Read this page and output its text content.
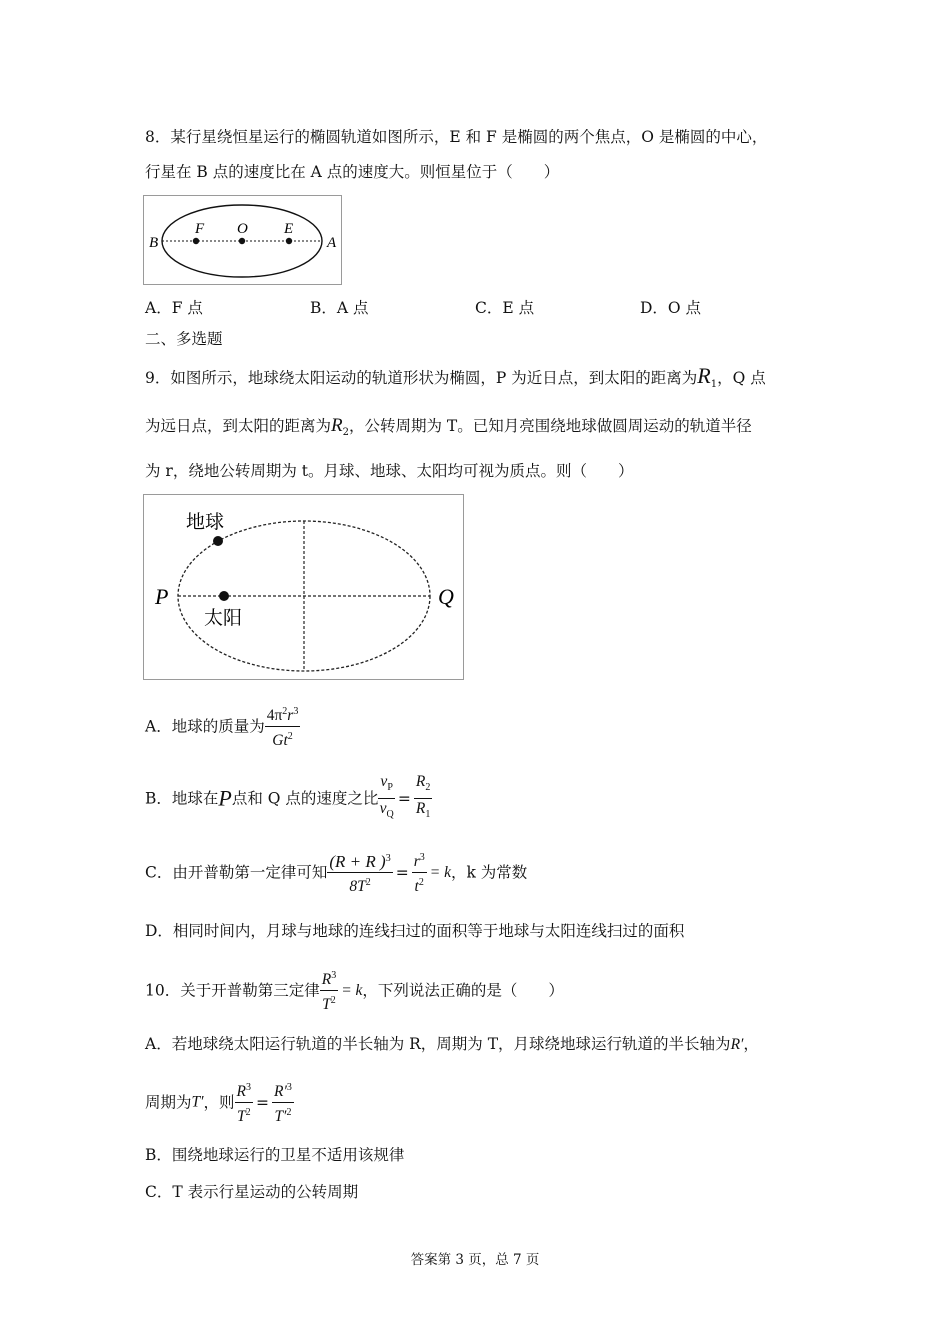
8．某行星绕恒星运行的椭圆轨道如图所示，E 和 F 是椭圆的两个焦点，O 是椭圆的中心，
行星在 B 点的速度比在 A 点的速度大。则恒星位于（　　）
B
F O E
A
A．F 点	B．A 点	C．E 点	D．O 点
二、多选题
9．如图所示，地球绕太阳运动的轨道形状为椭圆，P 为近日点，到太阳的距离为$R_1$，Q 点
为远日点，到太阳的距离为$R_2$，公转周期为 T。已知月亮围绕地球做圆周运动的轨道半径
为 r，绕地公转周期为 t。月球、地球、太阳均可视为质点。则（　　）
地球
太阳
P	Q
A．地球的质量为 $\frac{4\pi^2r^3}{Gt^2}$
B．地球在P点和 Q 点的速度之比 $\frac{v_P}{v_Q} = \frac{R_2}{R_1}$
C．由开普勒第一定律可知 $\frac{(R + R )^3}{8T^2} = \frac{r^3}{t^2} = k$，k 为常数
D．相同时间内，月球与地球的连线扫过的面积等于地球与太阳连线扫过的面积
10．关于开普勒第三定律 $\frac{R^3}{T^2} = k$，下列说法正确的是（　　）
A．若地球绕太阳运行轨道的半长轴为 R，周期为 T，月球绕地球运行轨道的半长轴为R′，
周期为T′，则 $\frac{R^3}{T^2} = \frac{R'^3}{T'^2}$
B．围绕地球运行的卫星不适用该规律
C．T 表示行星运动的公转周期
答案第 3 页，总 7 页
